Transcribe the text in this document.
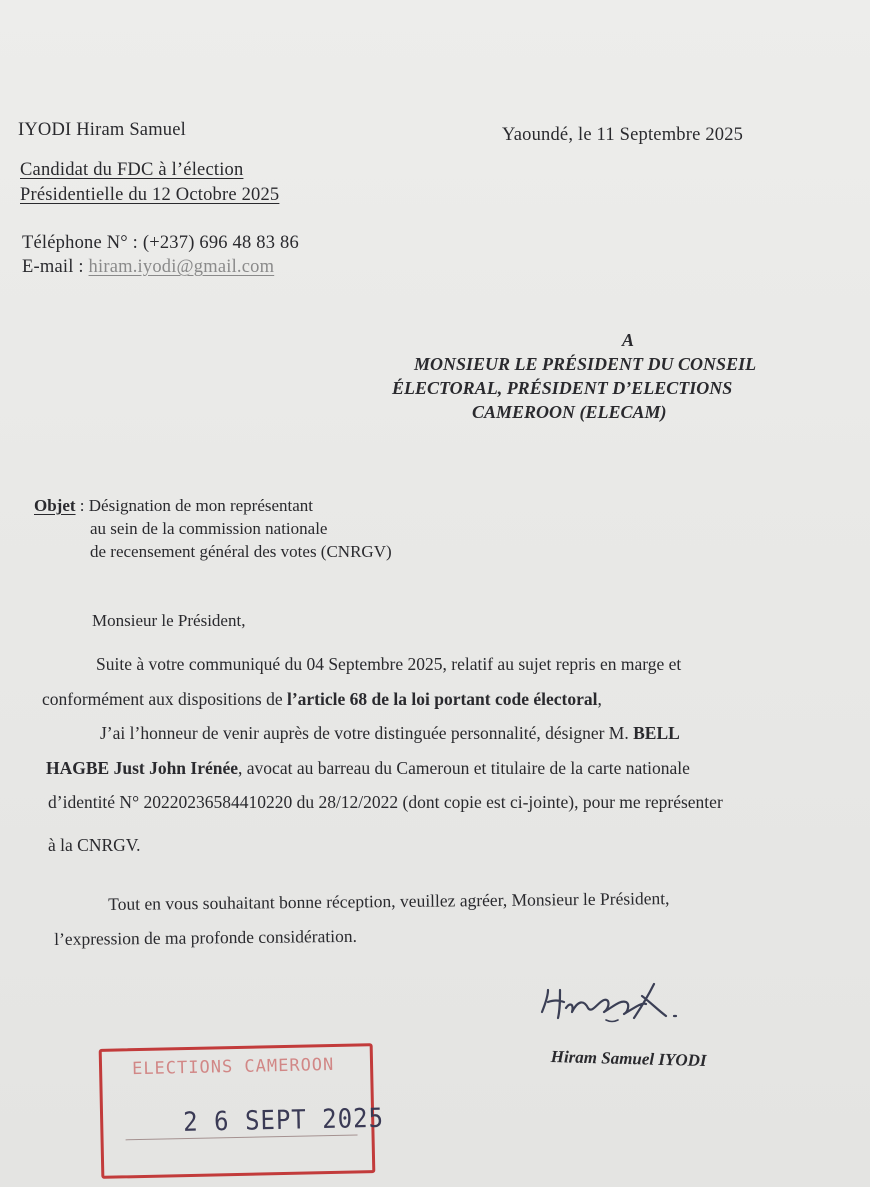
IYODI Hiram Samuel
Candidat du FDC à l’élection
Présidentielle du 12 Octobre 2025
Téléphone N° : (+237) 696 48 83 86
E-mail : hiram.iyodi@gmail.com
Yaoundé, le 11 Septembre 2025
A
MONSIEUR LE PRÉSIDENT DU CONSEIL
ÉLECTORAL, PRÉSIDENT D’ELECTIONS
CAMEROON (ELECAM)
Objet : Désignation de mon représentant
au sein de la commission nationale
de recensement général des votes (CNRGV)
Monsieur le Président,
Suite à votre communiqué du 04 Septembre 2025, relatif au sujet repris en marge et
conformément aux dispositions de l’article 68 de la loi portant code électoral,
J’ai l’honneur de venir auprès de votre distinguée personnalité, désigner M. BELL
HAGBE Just John Irénée, avocat au barreau du Cameroun et titulaire de la carte nationale
d’identité N° 20220236584410220 du 28/12/2022 (dont copie est ci-jointe), pour me représenter
à la CNRGV.
Tout en vous souhaitant bonne réception, veuillez agréer, Monsieur le Président,
l’expression de ma profonde considération.
Hiram Samuel IYODI
ELECTIONS CAMEROON
2 6 SEPT 2025
